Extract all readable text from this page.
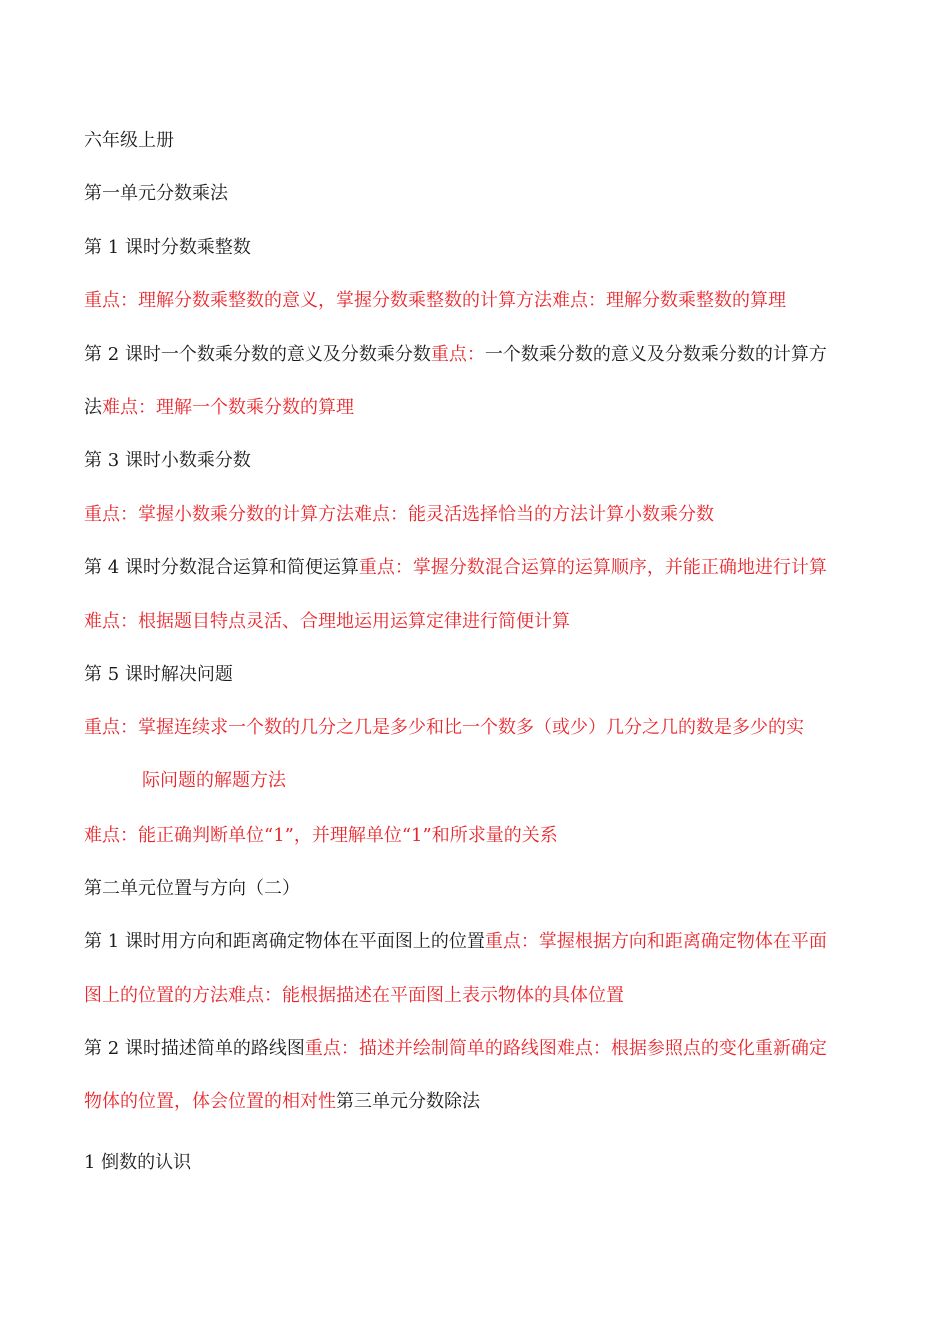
六年级上册
第一单元分数乘法
第 1 课时分数乘整数
重点：理解分数乘整数的意义，掌握分数乘整数的计算方法难点：理解分数乘整数的算理
第 2 课时一个数乘分数的意义及分数乘分数重点：一个数乘分数的意义及分数乘分数的计算方
法难点：理解一个数乘分数的算理
第 3 课时小数乘分数
重点：掌握小数乘分数的计算方法难点：能灵活选择恰当的方法计算小数乘分数
第 4 课时分数混合运算和简便运算重点：掌握分数混合运算的运算顺序，并能正确地进行计算
难点：根据题目特点灵活、合理地运用运算定律进行简便计算
第 5 课时解决问题
重点：掌握连续求一个数的几分之几是多少和比一个数多（或少）几分之几的数是多少的实
际问题的解题方法
难点：能正确判断单位“1”，并理解单位“1”和所求量的关系
第二单元位置与方向（二）
第 1 课时用方向和距离确定物体在平面图上的位置重点：掌握根据方向和距离确定物体在平面
图上的位置的方法难点：能根据描述在平面图上表示物体的具体位置
第 2 课时描述简单的路线图重点：描述并绘制简单的路线图难点：根据参照点的变化重新确定
物体的位置，体会位置的相对性第三单元分数除法
1 倒数的认识
